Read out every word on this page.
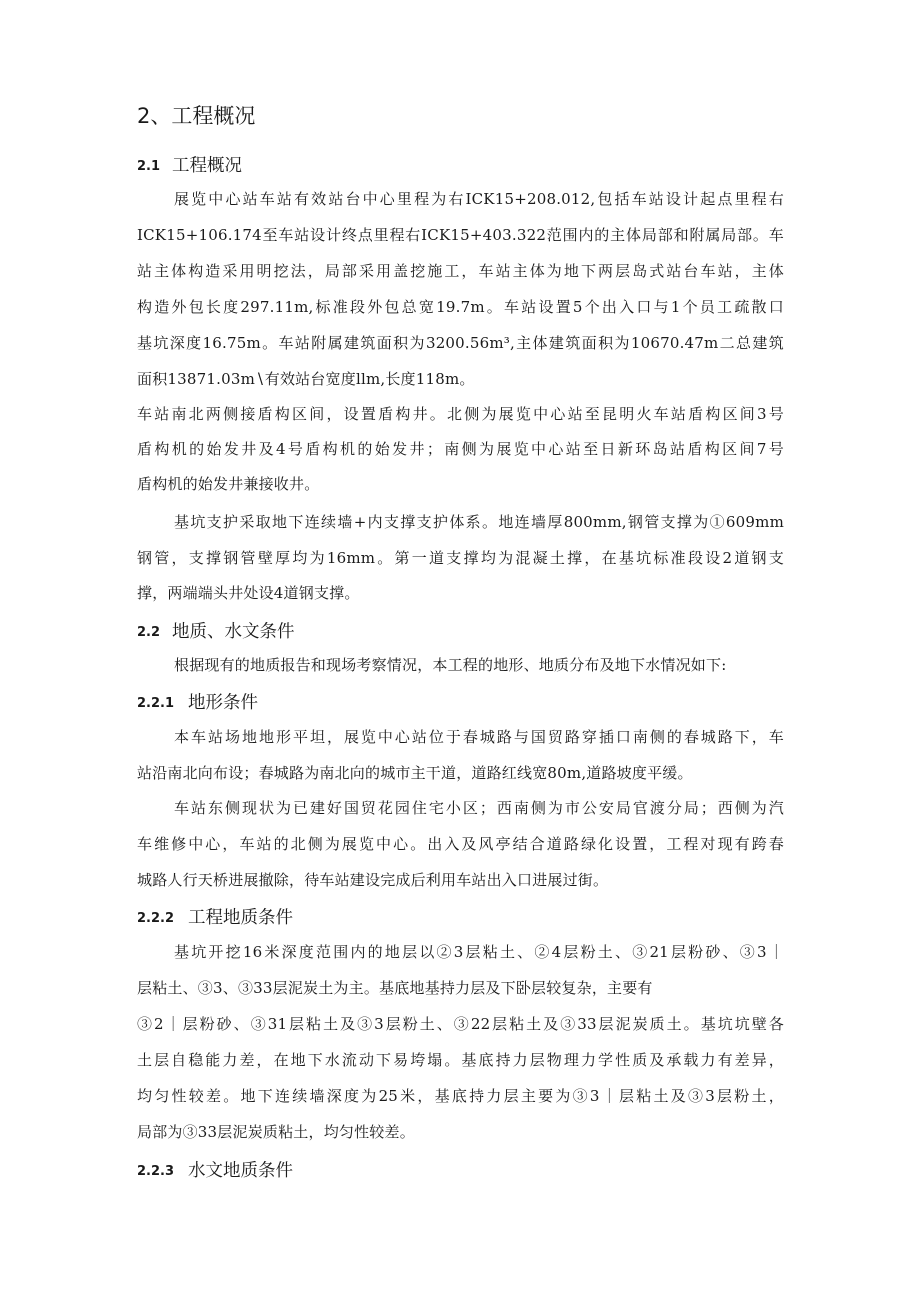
2、工程概况
2.1 工程概况
展览中心站车站有效站台中心里程为右ICK15+208.012,包括车站设计起点里程右
ICK15+106.174至车站设计终点里程右ICK15+403.322范围内的主体局部和附属局部。车
站主体构造采用明挖法，局部采用盖挖施工，车站主体为地下两层岛式站台车站，主体
构造外包长度297.11m,标准段外包总宽19.7m。车站设置5个出入口与1个员工疏散口
基坑深度16.75m。车站附属建筑面积为3200.56m³,主体建筑面积为10670.47m二总建筑
面积13871.03m∖有效站台宽度llm,长度118m。
车站南北两侧接盾构区间，设置盾构井。北侧为展览中心站至昆明火车站盾构区间3号
盾构机的始发井及4号盾构机的始发井；南侧为展览中心站至日新环岛站盾构区间7号
盾构机的始发井兼接收井。
基坑支护采取地下连续墙+内支撑支护体系。地连墙厚800mm,钢管支撑为①609mm
钢管，支撑钢管壁厚均为16mm。第一道支撑均为混凝土撑，在基坑标准段设2道钢支
撑，两端端头井处设4道钢支撑。
2.2 地质、水文条件
根据现有的地质报告和现场考察情况，本工程的地形、地质分布及地下水情况如下:
2.2.1 地形条件
本车站场地地形平坦，展览中心站位于春城路与国贸路穿插口南侧的春城路下，车
站沿南北向布设；春城路为南北向的城市主干道，道路红线宽80m,道路坡度平缓。
车站东侧现状为已建好国贸花园住宅小区；西南侧为市公安局官渡分局；西侧为汽
车维修中心，车站的北侧为展览中心。出入及风亭结合道路绿化设置，工程对现有跨春
城路人行天桥进展撤除，待车站建设完成后利用车站出入口进展过街。
2.2.2 工程地质条件
基坑开挖16米深度范围内的地层以②3层粘土、②4层粉土、③21层粉砂、③3｜
层粘土、③3、③33层泥炭土为主。基底地基持力层及下卧层较复杂，主要有
③2｜层粉砂、③31层粘土及③3层粉土、③22层粘土及③33层泥炭质土。基坑坑壁各
土层自稳能力差，在地下水流动下易垮塌。基底持力层物理力学性质及承载力有差异，
均匀性较差。地下连续墙深度为25米，基底持力层主要为③3｜层粘土及③3层粉土，
局部为③33层泥炭质粘土，均匀性较差。
2.2.3 水文地质条件
